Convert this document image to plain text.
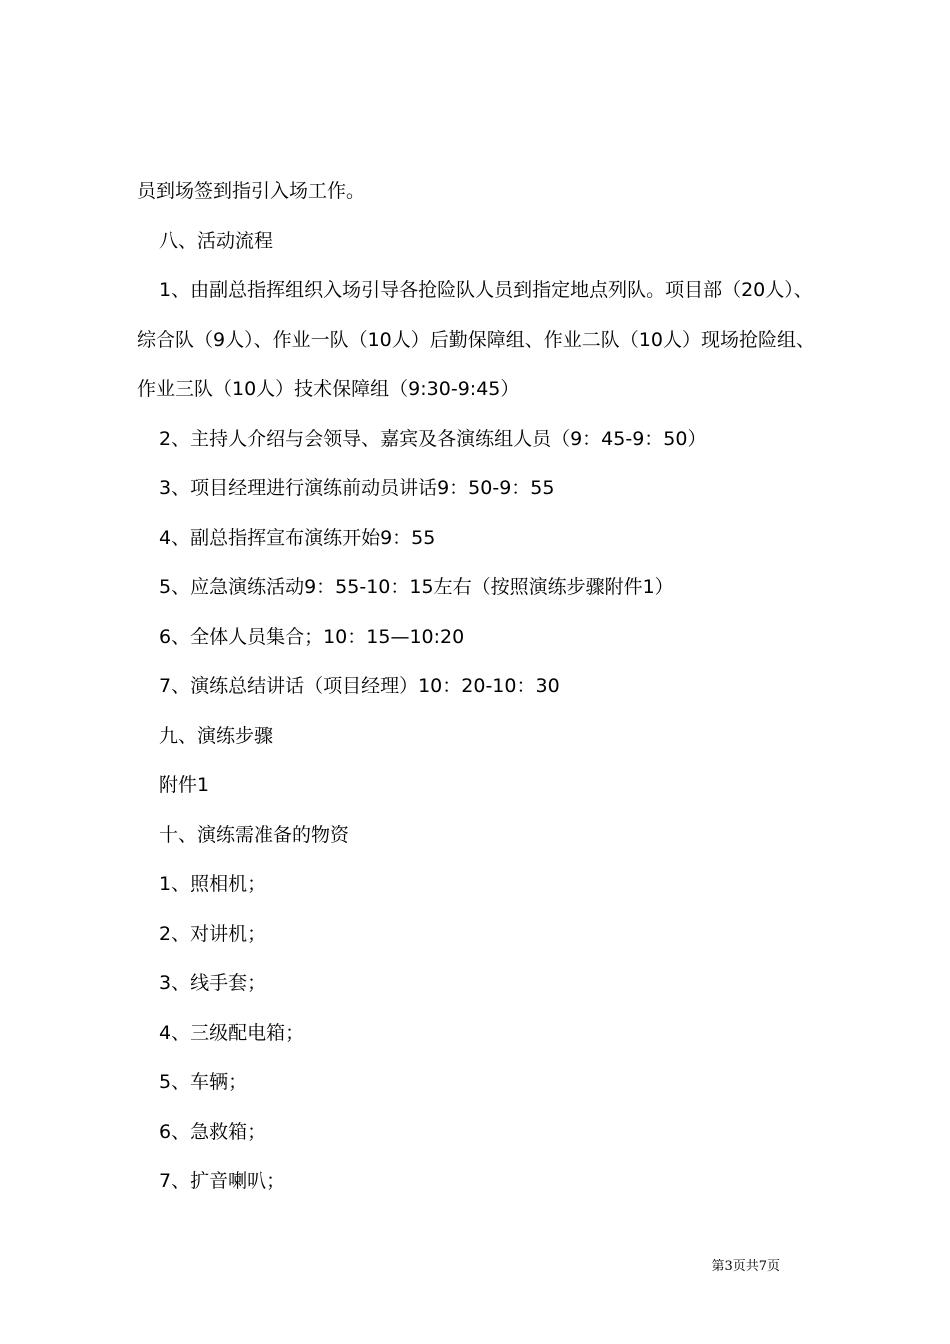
员到场签到指引入场工作。

八、活动流程

1、由副总指挥组织入场引导各抢险队人员到指定地点列队。项目部（20人）、综合队（9人）、作业一队（10人）后勤保障组、作业二队（10人）现场抢险组、作业三队（10人）技术保障组（9:30-9:45）

2、主持人介绍与会领导、嘉宾及各演练组人员（9：45-9：50）

3、项目经理进行演练前动员讲话9：50-9：55

4、副总指挥宣布演练开始9：55

5、应急演练活动9：55-10：15左右（按照演练步骤附件1）

6、全体人员集合；10：15—10:20

7、演练总结讲话（项目经理）10：20-10：30

九、演练步骤

附件1

十、演练需准备的物资

1、照相机；

2、对讲机；

3、线手套；

4、三级配电箱；

5、车辆；

6、急救箱；

7、扩音喇叭；

第3页共7页
